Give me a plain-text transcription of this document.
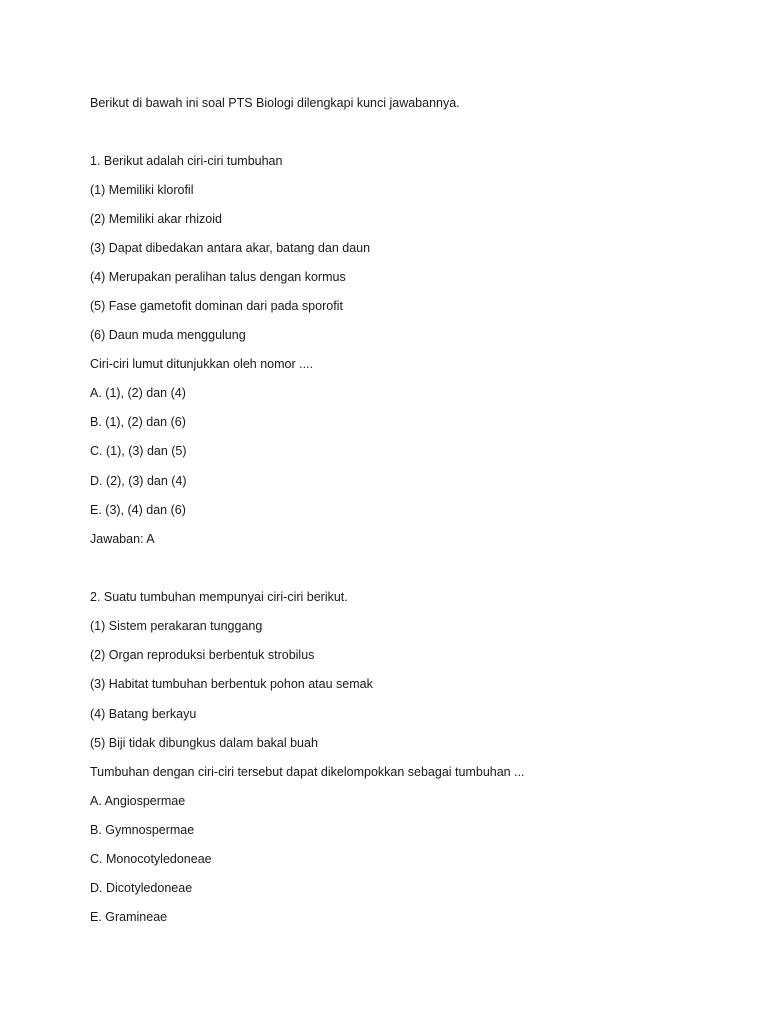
Berikut di bawah ini soal PTS Biologi dilengkapi kunci jawabannya.
1. Berikut adalah ciri-ciri tumbuhan
(1) Memiliki klorofil
(2) Memiliki akar rhizoid
(3) Dapat dibedakan antara akar, batang dan daun
(4) Merupakan peralihan talus dengan kormus
(5) Fase gametofit dominan dari pada sporofit
(6) Daun muda menggulung
Ciri-ciri lumut ditunjukkan oleh nomor ....
A. (1), (2) dan (4)
B. (1), (2) dan (6)
C. (1), (3) dan (5)
D. (2), (3) dan (4)
E. (3), (4) dan (6)
Jawaban: A
2. Suatu tumbuhan mempunyai ciri-ciri berikut.
(1) Sistem perakaran tunggang
(2) Organ reproduksi berbentuk strobilus
(3) Habitat tumbuhan berbentuk pohon atau semak
(4) Batang berkayu
(5) Biji tidak dibungkus dalam bakal buah
Tumbuhan dengan ciri-ciri tersebut dapat dikelompokkan sebagai tumbuhan ...
A. Angiospermae
B. Gymnospermae
C. Monocotyledoneae
D. Dicotyledoneae
E. Gramineae
